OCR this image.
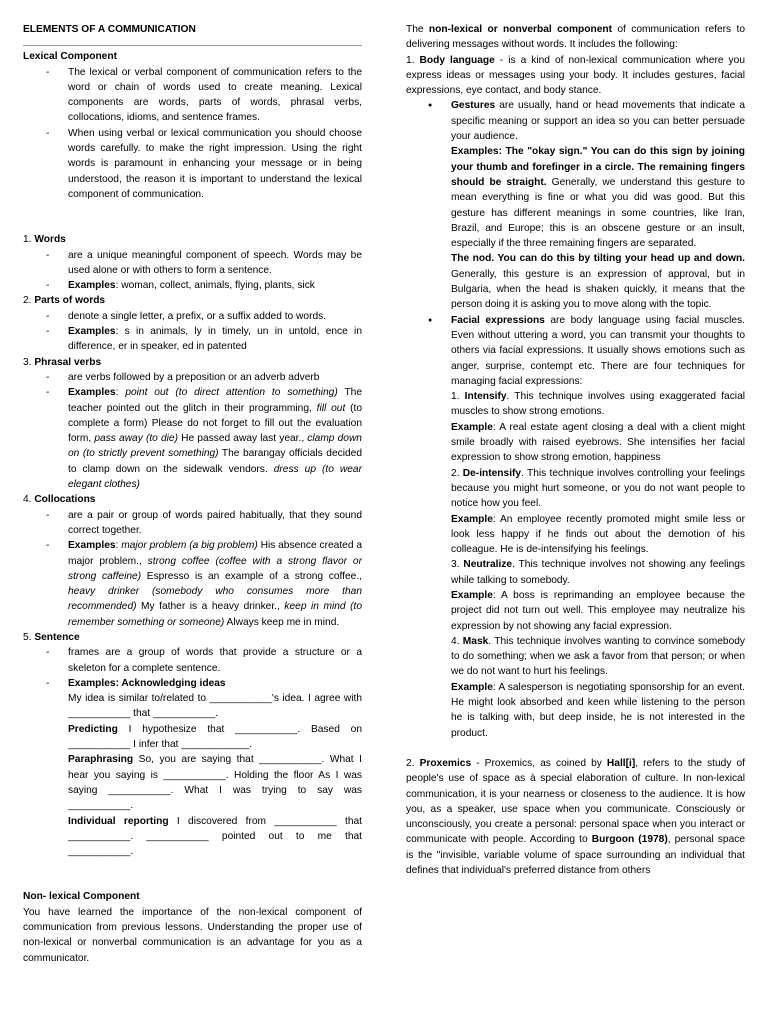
ELEMENTS OF A COMMUNICATION

Lexical Component

- The lexical or verbal component of communication refers to the word or chain of words used to create meaning. Lexical components are words, parts of words, phrasal verbs, collocations, idioms, and sentence frames.

- When using verbal or lexical communication you should choose words carefully. to make the right impression. Using the right words is paramount in enhancing your message or in being understood, the reason it is important to understand the lexical component of communication.

1. Words

- are a unique meaningful component of speech. Words may be used alone or with others to form a sentence.

- Examples: woman, collect, animals, flying, plants, sick

2. Parts of words

- denote a single letter, a prefix, or a suffix added to words.

- Examples: s in animals, ly in timely, un in untold, ence in difference, er in speaker, ed in patented

3. Phrasal verbs

- are verbs followed by a preposition or an adverb adverb

- Examples: point out (to direct attention to something) The teacher pointed out the glitch in their programming, fill out (to complete a form) Please do not forget to fill out the evaluation form, pass away (to die) He passed away last year., clamp down on (to strictly prevent something) The barangay officials decided to clamp down on the sidewalk vendors. dress up (to wear elegant clothes)

4. Collocations

- are a pair or group of words paired habitually, that they sound correct together.

- Examples: major problem (a big problem) His absence created a major problem., strong coffee (coffee with a strong flavor or strong caffeine) Espresso is an example of a strong coffee., heavy drinker (somebody who consumes more than recommended) My father is a heavy drinker., keep in mind (to remember something or someone) Always keep me in mind.

5. Sentence

- frames are a group of words that provide a structure or a skeleton for a complete sentence.

- Examples: Acknowledging ideas

My idea is similar to/related to ___________'s idea. I agree with ___________ that ___________.

Predicting I hypothesize that ___________. Based on ___________ I infer that ____________.

Paraphrasing So, you are saying that ___________. What I hear you saying is ___________. Holding the floor As I was saying ___________. What I was trying to say was ___________.

Individual reporting I discovered from ___________ that ___________. ___________ pointed out to me that ___________.

Non- lexical Component

You have learned the importance of the non-lexical component of communication from previous lessons. Understanding the proper use of non-lexical or nonverbal communication is an advantage for you as a communicator.

The non-lexical or nonverbal component of communication refers to delivering messages without words. It includes the following:

1. Body language - is a kind of non-lexical communication where you express ideas or messages using your body. It includes gestures, facial expressions, eye contact, and body stance.

● Gestures are usually, hand or head movements that indicate a specific meaning or support an idea so you can better persuade your audience.

Examples: The "okay sign." You can do this sign by joining your thumb and forefinger in a circle. The remaining fingers should be straight. Generally, we understand this gesture to mean everything is fine or what you did was good. But this gesture has different meanings in some countries, like Iran, Brazil, and Europe; this is an obscene gesture or an insult, especially if the three remaining fingers are separated.

The nod. You can do this by tilting your head up and down. Generally, this gesture is an expression of approval, but in Bulgaria, when the head is shaken quickly, it means that the person doing it is asking you to move along with the topic.

● Facial expressions are body language using facial muscles. Even without uttering a word, you can transmit your thoughts to others via facial expressions. It usually shows emotions such as anger, surprise, contempt etc. There are four techniques for managing facial expressions:

1. Intensify. This technique involves using exaggerated facial muscles to show strong emotions.

Example: A real estate agent closing a deal with a client might smile broadly with raised eyebrows. She intensifies her facial expression to show strong emotion, happiness

2. De-intensify. This technique involves controlling your feelings because you might hurt someone, or you do not want people to notice how you feel.

Example: An employee recently promoted might smile less or look less happy if he finds out about the demotion of his colleague. He is de-intensifying his feelings.

3. Neutralize. This technique involves not showing any feelings while talking to somebody.

Example: A boss is reprimanding an employee because the project did not turn out well. This employee may neutralize his expression by not showing any facial expression.

4. Mask. This technique involves wanting to convince somebody to do something; when we ask a favor from that person; or when we do not want to hurt his feelings.

Example: A salesperson is negotiating sponsorship for an event. He might look absorbed and keen while listening to the person he is talking with, but deep inside, he is not interested in the product.

2. Proxemics - Proxemics, as coined by Hall[i], refers to the study of people's use of space as à special elaboration of culture. In non-lexical communication, it is your nearness or closeness to the audience. It is how you, as a speaker, use space when you communicate. Consciously or unconsciously, you create a personal: personal space when you interact or communicate with people. According to Burgoon (1978), personal space is the "invisible, variable volume of space surrounding an individual that defines that individual's preferred distance from others
